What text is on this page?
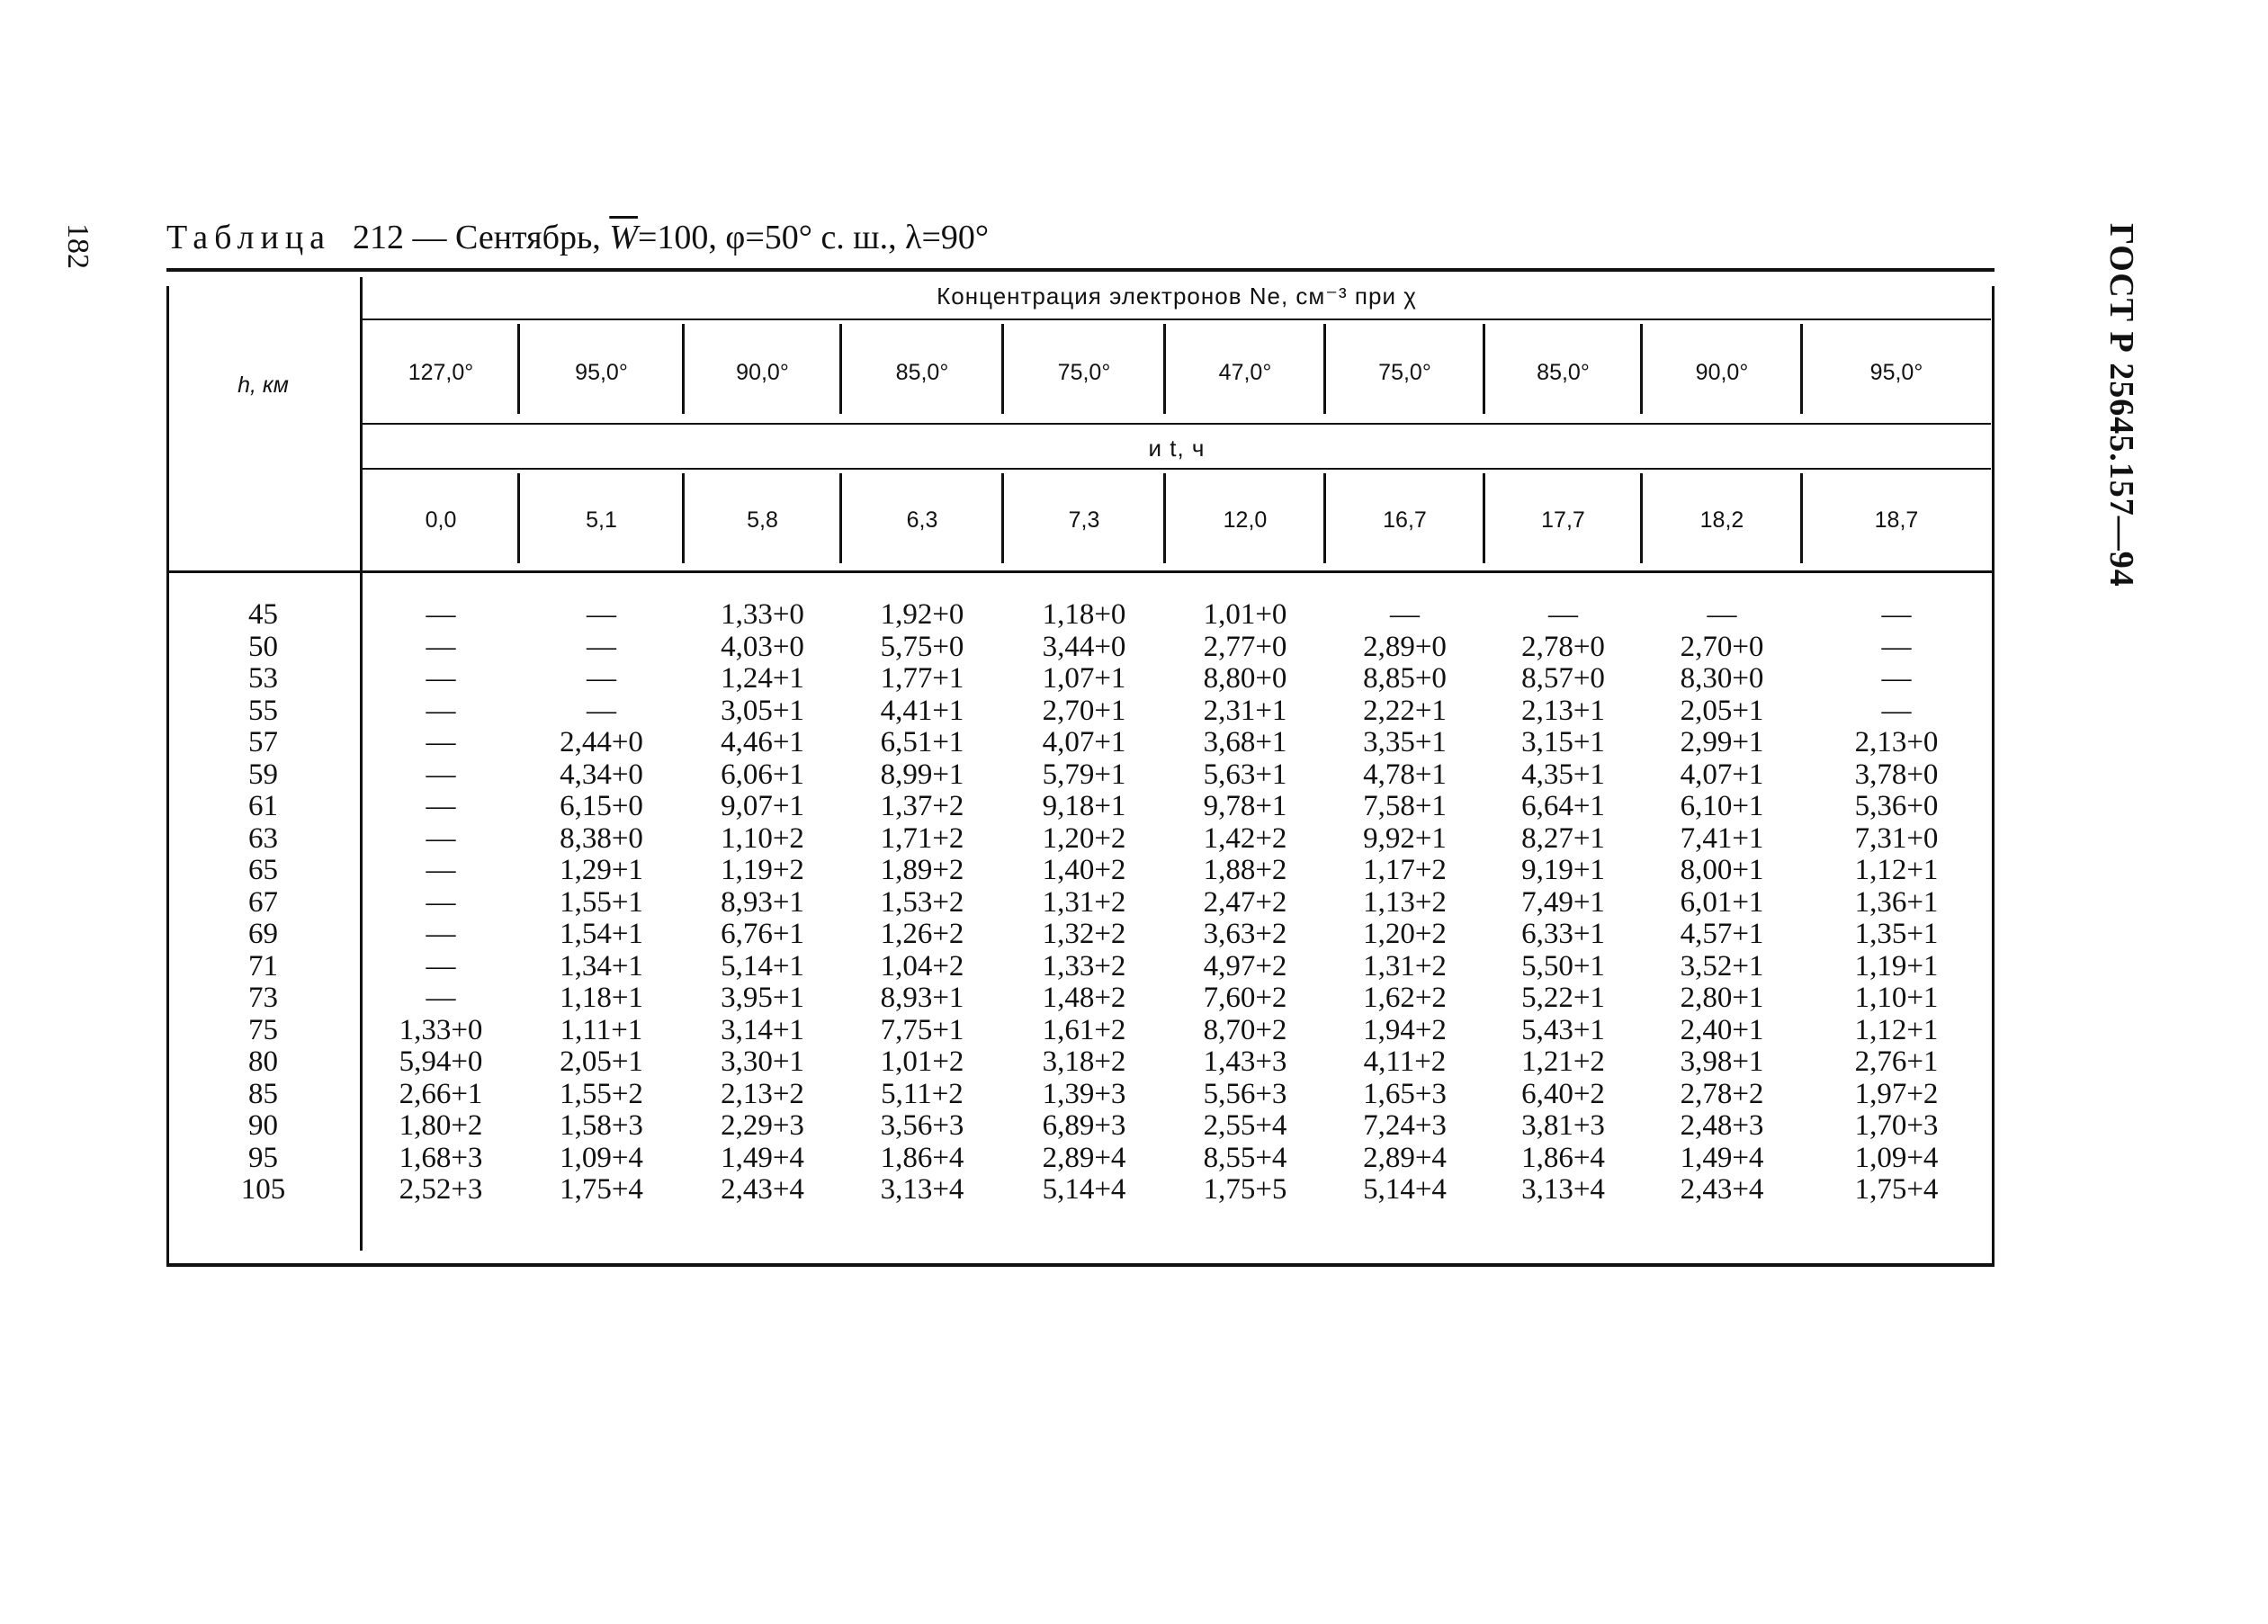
182	ГОСТ Р 25645.157—94
Таблица 212 — Сентябрь, $\overline{W}=100$, φ=50° с. ш., λ=90°
h, км
Концентрация электронов Ne, см⁻³ при χ
и t, ч
127,0°	95,0°	90,0°	85,0°	75,0°	47,0°	75,0°	85,0°	90,0°	95,0°
0,0	5,1	5,8	6,3	7,3	12,0	16,7	17,7	18,2	18,7
45	—	—	1,33+0	1,92+0	1,18+0	1,01+0	—	—	—	—
50	—	—	4,03+0	5,75+0	3,44+0	2,77+0	2,89+0	2,78+0	2,70+0	—
53	—	—	1,24+1	1,77+1	1,07+1	8,80+0	8,85+0	8,57+0	8,30+0	—
55	—	—	3,05+1	4,41+1	2,70+1	2,31+1	2,22+1	2,13+1	2,05+1	—
57	—	2,44+0	4,46+1	6,51+1	4,07+1	3,68+1	3,35+1	3,15+1	2,99+1	2,13+0
59	—	4,34+0	6,06+1	8,99+1	5,79+1	5,63+1	4,78+1	4,35+1	4,07+1	3,78+0
61	—	6,15+0	9,07+1	1,37+2	9,18+1	9,78+1	7,58+1	6,64+1	6,10+1	5,36+0
63	—	8,38+0	1,10+2	1,71+2	1,20+2	1,42+2	9,92+1	8,27+1	7,41+1	7,31+0
65	—	1,29+1	1,19+2	1,89+2	1,40+2	1,88+2	1,17+2	9,19+1	8,00+1	1,12+1
67	—	1,55+1	8,93+1	1,53+2	1,31+2	2,47+2	1,13+2	7,49+1	6,01+1	1,36+1
69	—	1,54+1	6,76+1	1,26+2	1,32+2	3,63+2	1,20+2	6,33+1	4,57+1	1,35+1
71	—	1,34+1	5,14+1	1,04+2	1,33+2	4,97+2	1,31+2	5,50+1	3,52+1	1,19+1
73	—	1,18+1	3,95+1	8,93+1	1,48+2	7,60+2	1,62+2	5,22+1	2,80+1	1,10+1
75	1,33+0	1,11+1	3,14+1	7,75+1	1,61+2	8,70+2	1,94+2	5,43+1	2,40+1	1,12+1
80	5,94+0	2,05+1	3,30+1	1,01+2	3,18+2	1,43+3	4,11+2	1,21+2	3,98+1	2,76+1
85	2,66+1	1,55+2	2,13+2	5,11+2	1,39+3	5,56+3	1,65+3	6,40+2	2,78+2	1,97+2
90	1,80+2	1,58+3	2,29+3	3,56+3	6,89+3	2,55+4	7,24+3	3,81+3	2,48+3	1,70+3
95	1,68+3	1,09+4	1,49+4	1,86+4	2,89+4	8,55+4	2,89+4	1,86+4	1,49+4	1,09+4
105	2,52+3	1,75+4	2,43+4	3,13+4	5,14+4	1,75+5	5,14+4	3,13+4	2,43+4	1,75+4
